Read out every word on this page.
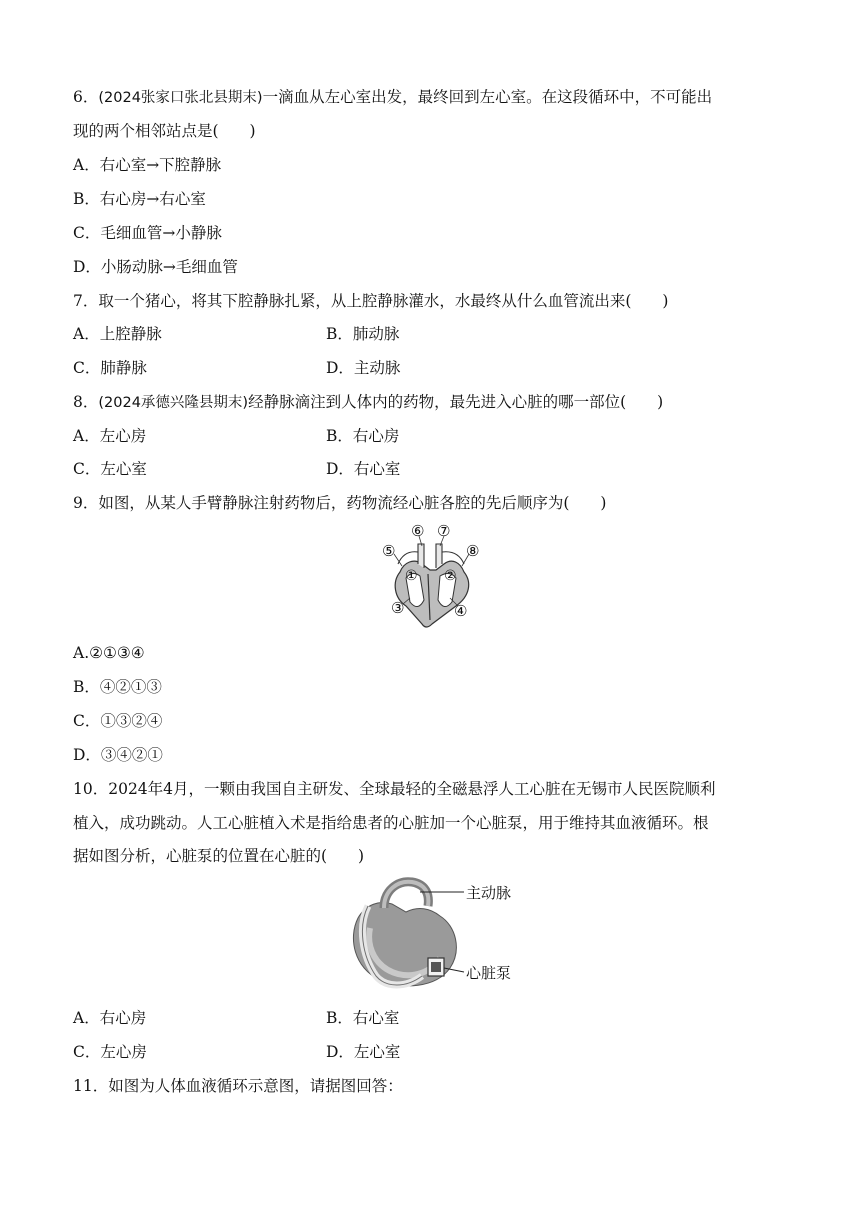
6．(2024张家口张北县期末)一滴血从左心室出发，最终回到左心室。在这段循环中，不可能出
现的两个相邻站点是(　　)
A．右心室→下腔静脉
B．右心房→右心室
C．毛细血管→小静脉
D．小肠动脉→毛细血管
7．取一个猪心，将其下腔静脉扎紧，从上腔静脉灌水，水最终从什么血管流出来(　　)
A．上腔静脉	B．肺动脉
C．肺静脉	D．主动脉
8．(2024承德兴隆县期末)经静脉滴注到人体内的药物，最先进入心脏的哪一部位(　　)
A．左心房	B．右心房
C．左心室	D．右心室
9．如图，从某人手臂静脉注射药物后，药物流经心脏各腔的先后顺序为(　　)
⑤
⑥ ⑦
⑧
① ②
③	④
A.②①③④
B．④②①③
C．①③②④
D．③④②①
10．2024年4月，一颗由我国自主研发、全球最轻的全磁悬浮人工心脏在无锡市人民医院顺利
植入，成功跳动。人工心脏植入术是指给患者的心脏加一个心脏泵，用于维持其血液循环。根
据如图分析，心脏泵的位置在心脏的(　　)
主动脉
心脏泵
A．右心房	B．右心室
C．左心房	D．左心室
11．如图为人体血液循环示意图，请据图回答：
